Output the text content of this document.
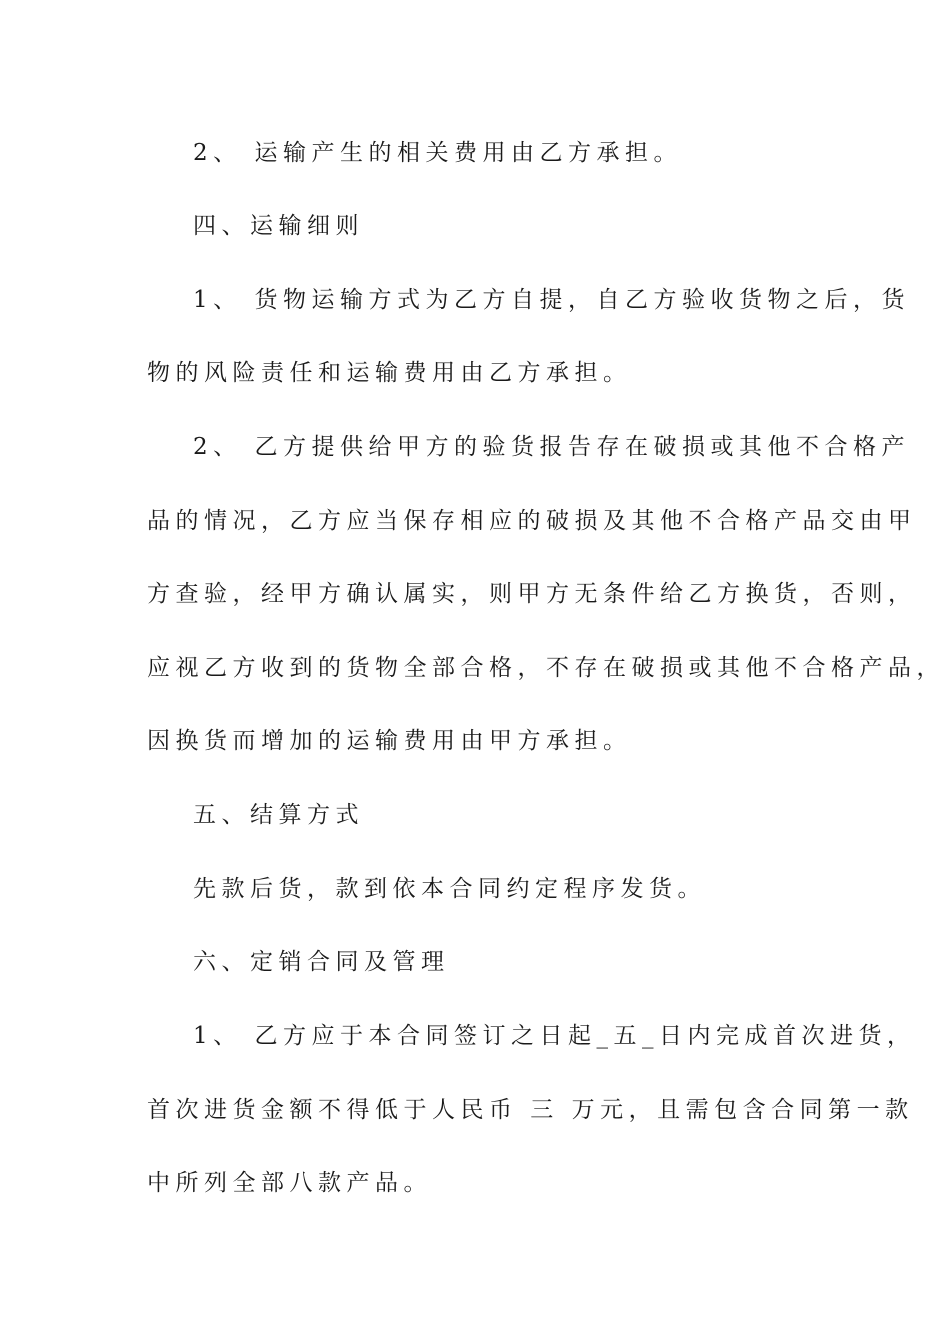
2、 运输产生的相关费用由乙方承担。
四、运输细则
1、 货物运输方式为乙方自提，自乙方验收货物之后，货
物的风险责任和运输费用由乙方承担。
2、 乙方提供给甲方的验货报告存在破损或其他不合格产
品的情况，乙方应当保存相应的破损及其他不合格产品交由甲
方查验，经甲方确认属实，则甲方无条件给乙方换货，否则，
应视乙方收到的货物全部合格，不存在破损或其他不合格产品，
因换货而增加的运输费用由甲方承担。
五、结算方式
先款后货，款到依本合同约定程序发货。
六、定销合同及管理
1、 乙方应于本合同签订之日起_五_日内完成首次进货，
首次进货金额不得低于人民币 三 万元，且需包含合同第一款
中所列全部八款产品。
